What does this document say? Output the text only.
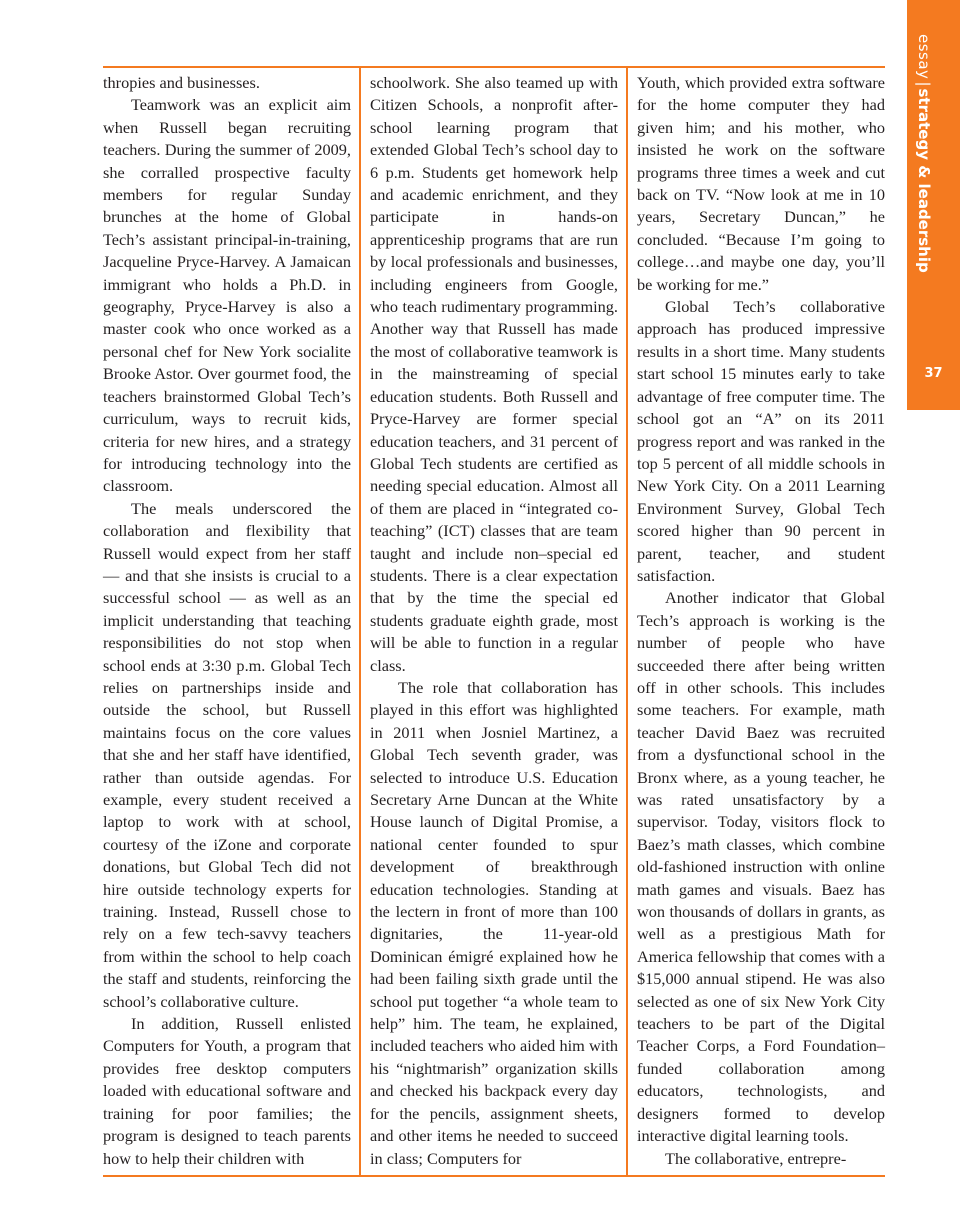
thropies and businesses.

Teamwork was an explicit aim when Russell began recruiting teachers. During the summer of 2009, she corralled prospective faculty members for regular Sunday brunches at the home of Global Tech’s assistant principal-in-training, Jacqueline Pryce-Harvey. A Jamaican immigrant who holds a Ph.D. in geography, Pryce-Harvey is also a master cook who once worked as a personal chef for New York socialite Brooke Astor. Over gourmet food, the teachers brainstormed Global Tech’s curriculum, ways to recruit kids, criteria for new hires, and a strategy for introducing technology into the classroom.

The meals underscored the collaboration and flexibility that Russell would expect from her staff — and that she insists is crucial to a successful school — as well as an implicit understanding that teaching responsibilities do not stop when school ends at 3:30 p.m. Global Tech relies on partnerships inside and outside the school, but Russell maintains focus on the core values that she and her staff have identified, rather than outside agendas. For example, every student received a laptop to work with at school, courtesy of the iZone and corporate donations, but Global Tech did not hire outside technology experts for training. Instead, Russell chose to rely on a few tech-savvy teachers from within the school to help coach the staff and students, reinforcing the school’s collaborative culture.

In addition, Russell enlisted Computers for Youth, a program that provides free desktop computers loaded with educational software and training for poor families; the program is designed to teach parents how to help their children with

schoolwork. She also teamed up with Citizen Schools, a nonprofit after-school learning program that extended Global Tech’s school day to 6 p.m. Students get homework help and academic enrichment, and they participate in hands-on apprenticeship programs that are run by local professionals and businesses, including engineers from Google, who teach rudimentary programming. Another way that Russell has made the most of collaborative teamwork is in the mainstreaming of special education students. Both Russell and Pryce-Harvey are former special education teachers, and 31 percent of Global Tech students are certified as needing special education. Almost all of them are placed in “integrated co-teaching” (ICT) classes that are team taught and include non–special ed students. There is a clear expectation that by the time the special ed students graduate eighth grade, most will be able to function in a regular class.

The role that collaboration has played in this effort was highlighted in 2011 when Josniel Martinez, a Global Tech seventh grader, was selected to introduce U.S. Education Secretary Arne Duncan at the White House launch of Digital Promise, a national center founded to spur development of breakthrough education technologies. Standing at the lectern in front of more than 100 dignitaries, the 11-year-old Dominican émigré explained how he had been failing sixth grade until the school put together “a whole team to help” him. The team, he explained, included teachers who aided him with his “nightmarish” organization skills and checked his backpack every day for the pencils, assignment sheets, and other items he needed to succeed in class; Computers for

Youth, which provided extra software for the home computer they had given him; and his mother, who insisted he work on the software programs three times a week and cut back on TV. “Now look at me in 10 years, Secretary Duncan,” he concluded. “Because I’m going to college…and maybe one day, you’ll be working for me.”

Global Tech’s collaborative approach has produced impressive results in a short time. Many students start school 15 minutes early to take advantage of free computer time. The school got an “A” on its 2011 progress report and was ranked in the top 5 percent of all middle schools in New York City. On a 2011 Learning Environment Survey, Global Tech scored higher than 90 percent in parent, teacher, and student satisfaction.

Another indicator that Global Tech’s approach is working is the number of people who have succeeded there after being written off in other schools. This includes some teachers. For example, math teacher David Baez was recruited from a dysfunctional school in the Bronx where, as a young teacher, he was rated unsatisfactory by a supervisor. Today, visitors flock to Baez’s math classes, which combine old-fashioned instruction with online math games and visuals. Baez has won thousands of dollars in grants, as well as a prestigious Math for America fellowship that comes with a $15,000 annual stipend. He was also selected as one of six New York City teachers to be part of the Digital Teacher Corps, a Ford Foundation–funded collaboration among educators, technologists, and designers formed to develop interactive digital learning tools.

The collaborative, entrepre-

essay|strategy & leadership
37
